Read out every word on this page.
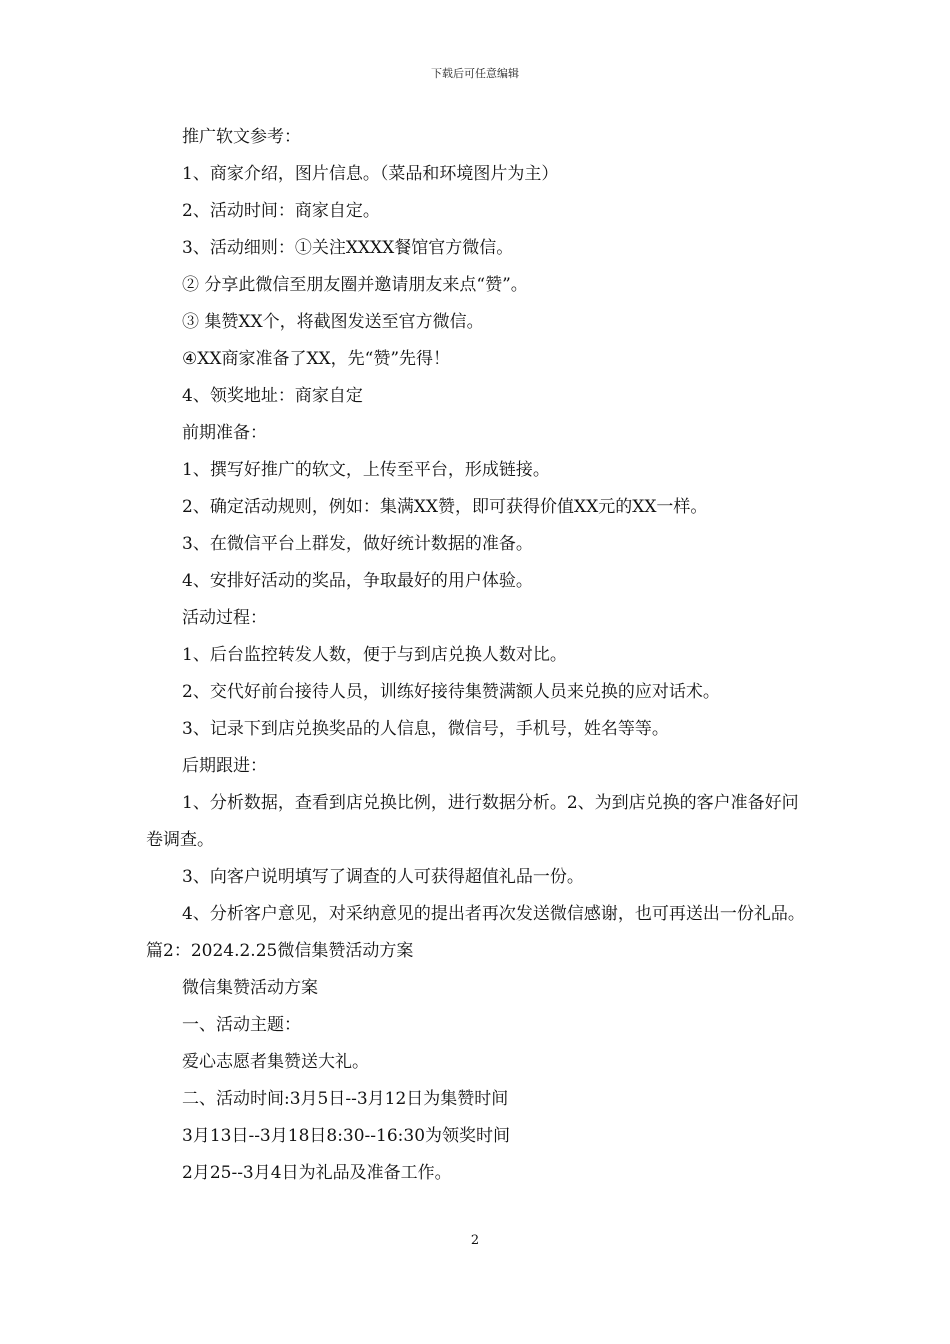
下载后可任意编辑

推广软文参考：

1、商家介绍，图片信息。（菜品和环境图片为主）

2、活动时间：商家自定。

3、活动细则：①关注XXXX餐馆官方微信。

② 分享此微信至朋友圈并邀请朋友来点“赞”。

③ 集赞XX个，将截图发送至官方微信。

④XX商家准备了XX，先“赞”先得！

4、领奖地址：商家自定

前期准备：

1、撰写好推广的软文，上传至平台，形成链接。

2、确定活动规则，例如：集满XX赞，即可获得价值XX元的XX一样。

3、在微信平台上群发，做好统计数据的准备。

4、安排好活动的奖品，争取最好的用户体验。

活动过程：

1、后台监控转发人数，便于与到店兑换人数对比。

2、交代好前台接待人员，训练好接待集赞满额人员来兑换的应对话术。

3、记录下到店兑换奖品的人信息，微信号，手机号，姓名等等。

后期跟进：

1、分析数据，查看到店兑换比例，进行数据分析。2、为到店兑换的客户准备好问卷调查。

3、向客户说明填写了调查的人可获得超值礼品一份。

4、分析客户意见，对采纳意见的提出者再次发送微信感谢，也可再送出一份礼品。篇2：2024.2.25微信集赞活动方案

微信集赞活动方案

一、活动主题：

爱心志愿者集赞送大礼。

二、活动时间:3月5日--3月12日为集赞时间

3月13日--3月18日8:30--16:30为领奖时间

2月25--3月4日为礼品及准备工作。

2
